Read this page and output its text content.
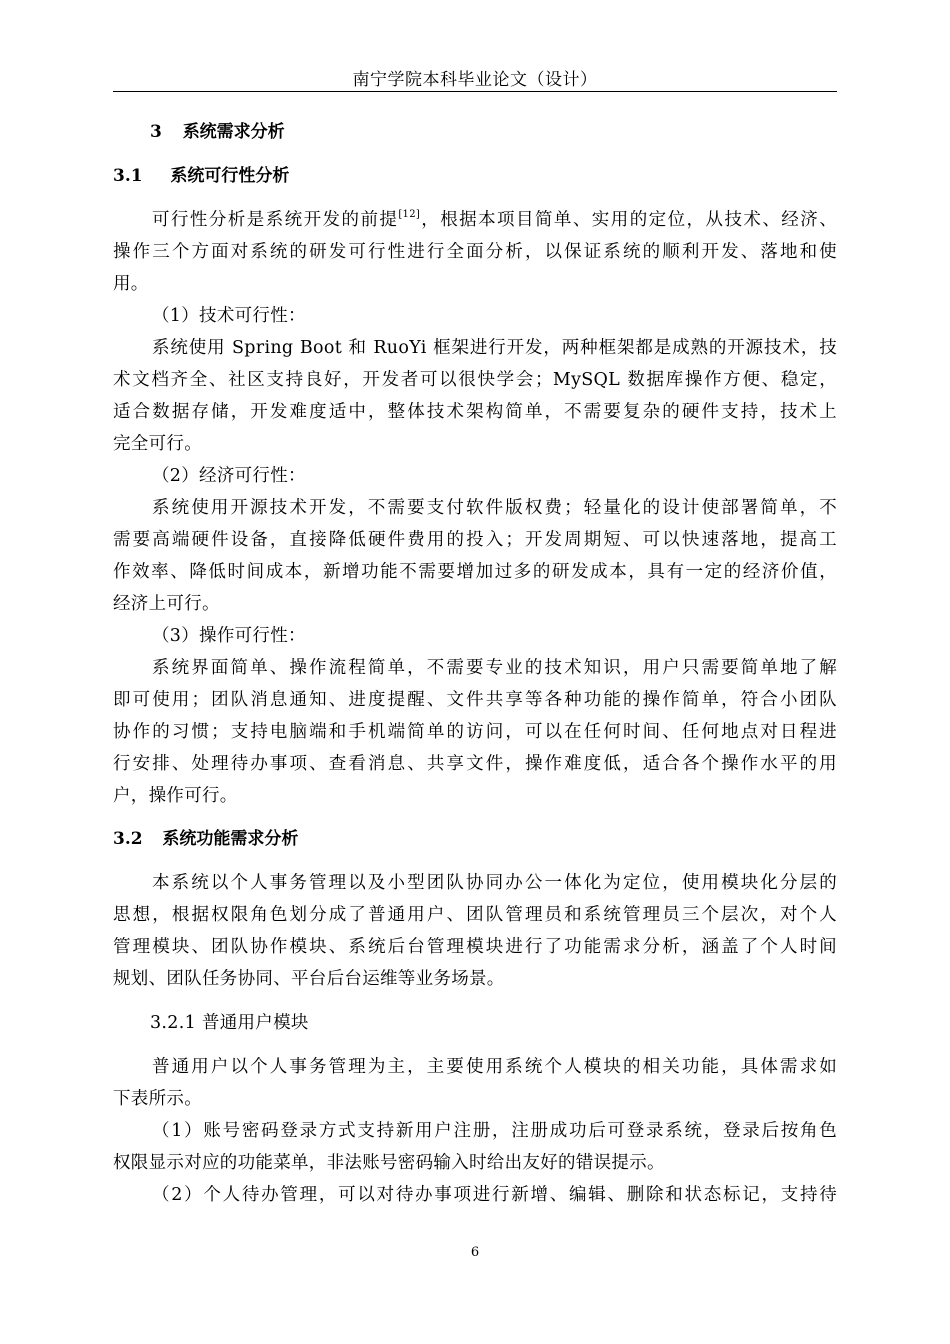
南宁学院本科毕业论文（设计）
3 系统需求分析
3.1 系统可行性分析
可行性分析是系统开发的前提[12]，根据本项目简单、实用的定位，从技术、经济、
操作三个方面对系统的研发可行性进行全面分析，以保证系统的顺利开发、落地和使
用。
（1）技术可行性：
系统使用 Spring Boot 和 RuoYi 框架进行开发，两种框架都是成熟的开源技术，技
术文档齐全、社区支持良好，开发者可以很快学会；MySQL 数据库操作方便、稳定，
适合数据存储，开发难度适中，整体技术架构简单，不需要复杂的硬件支持，技术上
完全可行。
（2）经济可行性：
系统使用开源技术开发，不需要支付软件版权费；轻量化的设计使部署简单，不
需要高端硬件设备，直接降低硬件费用的投入；开发周期短、可以快速落地，提高工
作效率、降低时间成本，新增功能不需要增加过多的研发成本，具有一定的经济价值，
经济上可行。
（3）操作可行性：
系统界面简单、操作流程简单，不需要专业的技术知识，用户只需要简单地了解
即可使用；团队消息通知、进度提醒、文件共享等各种功能的操作简单，符合小团队
协作的习惯；支持电脑端和手机端简单的访问，可以在任何时间、任何地点对日程进
行安排、处理待办事项、查看消息、共享文件，操作难度低，适合各个操作水平的用
户，操作可行。
3.2 系统功能需求分析
本系统以个人事务管理以及小型团队协同办公一体化为定位，使用模块化分层的
思想，根据权限角色划分成了普通用户、团队管理员和系统管理员三个层次，对个人
管理模块、团队协作模块、系统后台管理模块进行了功能需求分析，涵盖了个人时间
规划、团队任务协同、平台后台运维等业务场景。
3.2.1 普通用户模块
普通用户以个人事务管理为主，主要使用系统个人模块的相关功能，具体需求如
下表所示。
（1）账号密码登录方式支持新用户注册，注册成功后可登录系统，登录后按角色
权限显示对应的功能菜单，非法账号密码输入时给出友好的错误提示。
（2）个人待办管理，可以对待办事项进行新增、编辑、删除和状态标记，支持待
6
